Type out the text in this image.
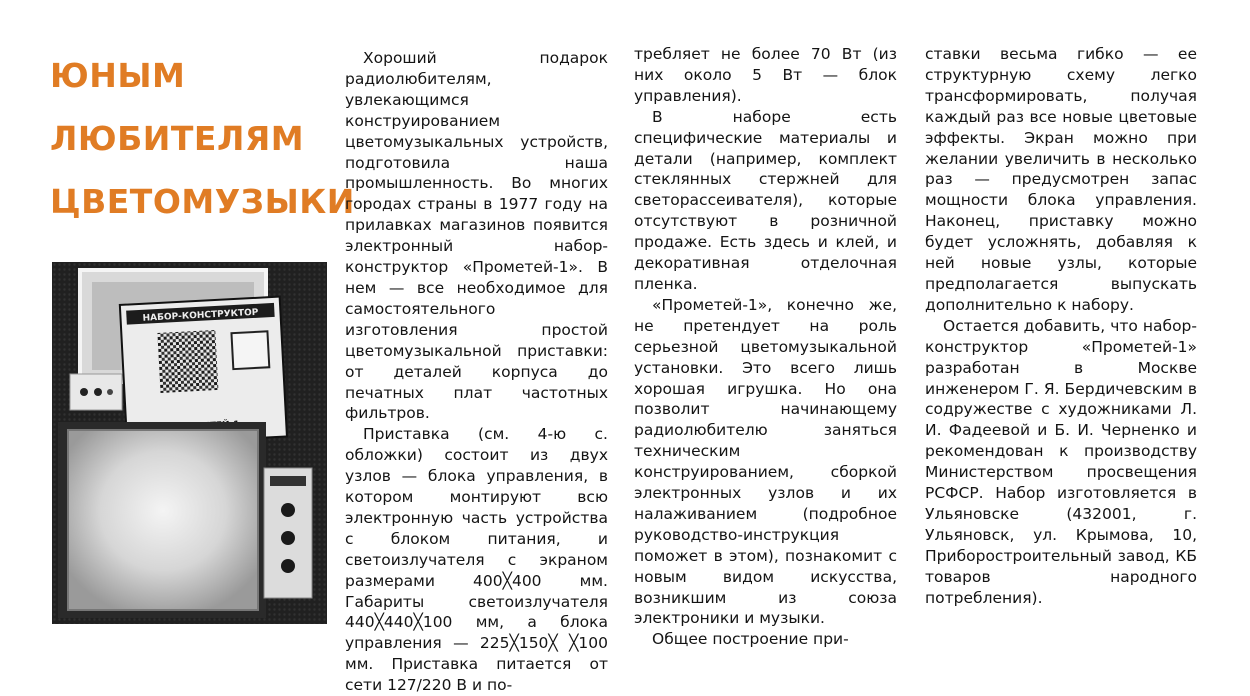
ЮНЫМ
ЛЮБИТЕЛЯМ
ЦВЕТОМУЗЫКИ
НАБОР-КОНСТРУКТОР

Хороший подарок радиолюбителям, увлекающимся конструированием цветомузыкальных устройств, подготовила наша промышленность. Во многих городах страны в 1977 году на прилавках магазинов появится электронный набор-конструктор «Прометей-1». В нем — все необходимое для самостоятельного изготовления простой цветомузыкальной приставки: от деталей корпуса до печатных плат частотных фильтров.

Приставка (см. 4-ю с. обложки) состоит из двух узлов — блока управления, в котором монтируют всю электронную часть устройства с блоком питания, и светоизлучателя с экраном размерами 400╳400 мм. Габариты светоизлучателя 440╳440╳100 мм, а блока управления — 225╳150╳ ╳100 мм. Приставка питается от сети 127/220 В и по-

требляет не более 70 Вт (из них около 5 Вт — блок управления).

В наборе есть специфические материалы и детали (например, комплект стеклянных стержней для светорассеивателя), которые отсутствуют в розничной продаже. Есть здесь и клей, и декоративная отделочная пленка.

«Прометей-1», конечно же, не претендует на роль серьезной цветомузыкальной установки. Это всего лишь хорошая игрушка. Но она позволит начинающему радиолюбителю заняться техническим конструированием, сборкой электронных узлов и их налаживанием (подробное руководство-инструкция поможет в этом), познакомит с новым видом искусства, возникшим из союза электроники и музыки.

Общее построение при-

ставки весьма гибко — ее структурную схему легко трансформировать, получая каждый раз все новые цветовые эффекты. Экран можно при желании увеличить в несколько раз — предусмотрен запас мощности блока управления. Наконец, приставку можно будет усложнять, добавляя к ней новые узлы, которые предполагается выпускать дополнительно к набору.

Остается добавить, что набор-конструктор «Прометей-1» разработан в Москве инженером Г. Я. Бердичевским в содружестве с художниками Л. И. Фадеевой и Б. И. Черненко и рекомендован к производству Министерством просвещения РСФСР. Набор изготовляется в Ульяновске (432001, г. Ульяновск, ул. Крымова, 10, Приборостроительный завод, КБ товаров народного потребления).
